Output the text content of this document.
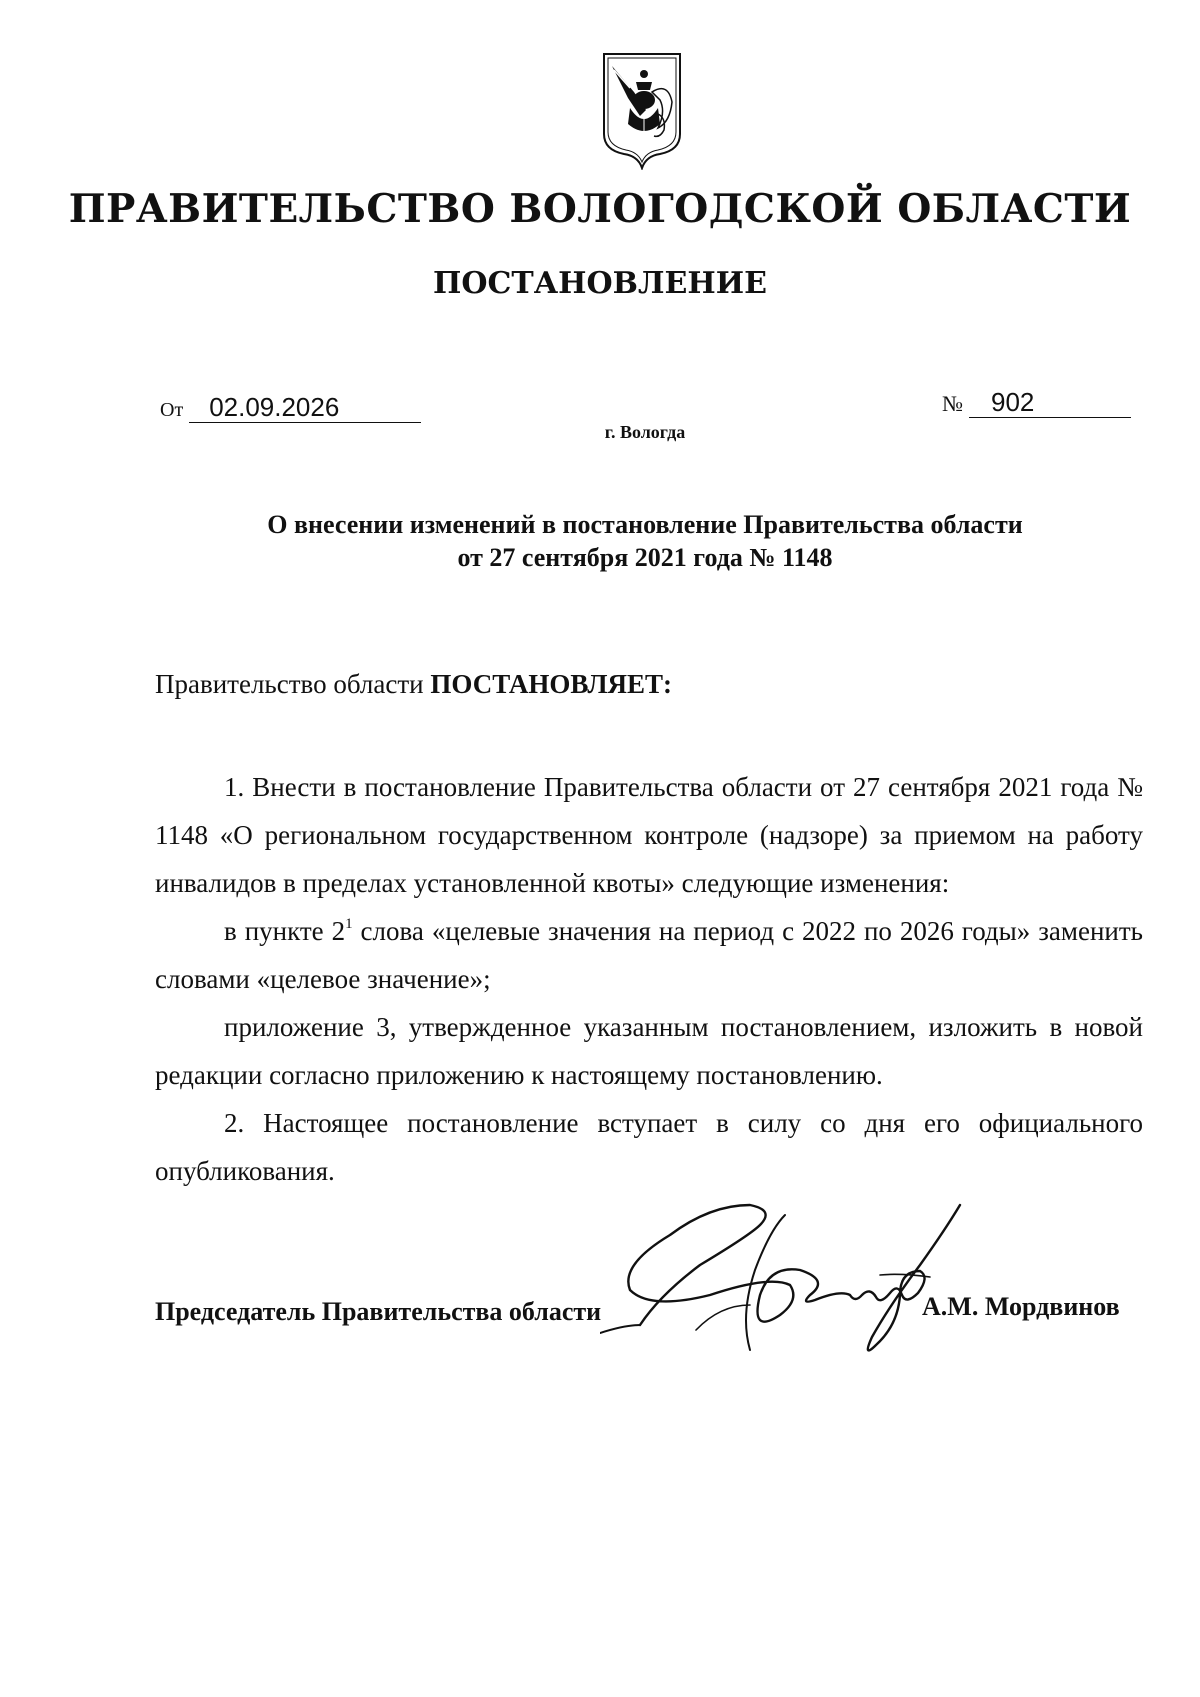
ПРАВИТЕЛЬСТВО ВОЛОГОДСКОЙ ОБЛАСТИ
ПОСТАНОВЛЕНИЕ
От 02.09.2026	№ 902
г. Вологда
О внесении изменений в постановление Правительства области
от 27 сентября 2021 года № 1148
Правительство области ПОСТАНОВЛЯЕТ:

1. Внести в постановление Правительства области от 27 сентября 2021 года № 1148 «О региональном государственном контроле (надзоре) за приемом на работу инвалидов в пределах установленной квоты» следующие изменения:

в пункте $2^1$ слова «целевые значения на период с 2022 по 2026 годы» заменить словами «целевое значение»;

приложение 3, утвержденное указанным постановлением, изложить в новой редакции согласно приложению к настоящему постановлению.

2. Настоящее постановление вступает в силу со дня его официального опубликования.

Председатель Правительства области	А.М. Мордвинов
